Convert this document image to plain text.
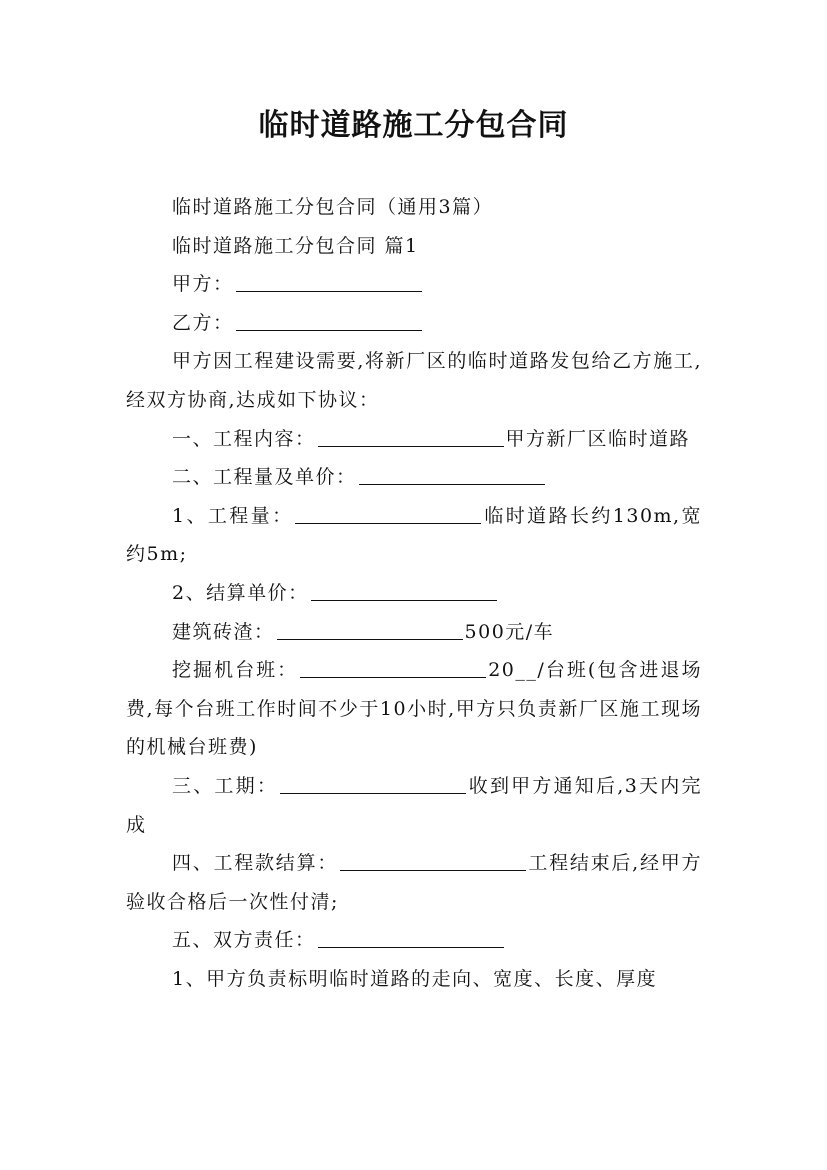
临时道路施工分包合同

临时道路施工分包合同（通用3篇）

临时道路施工分包合同 篇1

甲方：

乙方：

甲方因工程建设需要,将新厂区的临时道路发包给乙方施工,经双方协商,达成如下协议：

一、工程内容：	甲方新厂区临时道路

二、工程量及单价：

1、工程量：	临时道路长约130m,宽约5m;

2、结算单价：

建筑砖渣：	500元/车

挖掘机台班：	20__/台班(包含进退场费,每个台班工作时间不少于10小时,甲方只负责新厂区施工现场的机械台班费)

三、工期：	收到甲方通知后,3天内完成

四、工程款结算：	工程结束后,经甲方验收合格后一次性付清;

五、双方责任：

1、甲方负责标明临时道路的走向、宽度、长度、厚度
